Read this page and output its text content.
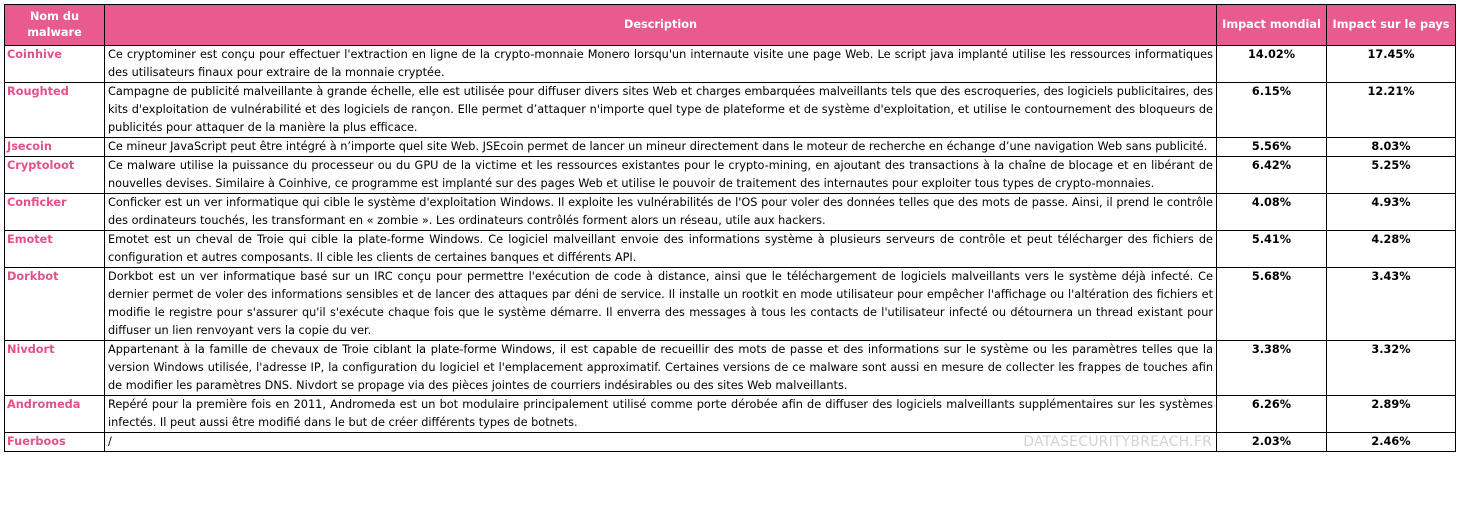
Nom du malware	Description	Impact mondial	Impact sur le pays
Coinhive	Ce cryptominer est conçu pour effectuer l'extraction en ligne de la crypto-monnaie Monero lorsqu'un internaute visite une page Web. Le script java implanté utilise les ressources informatiques des utilisateurs finaux pour extraire de la monnaie cryptée.	14.02%	17.45%
Roughted	Campagne de publicité malveillante à grande échelle, elle est utilisée pour diffuser divers sites Web et charges embarquées malveillants tels que des escroqueries, des logiciels publicitaires, des kits d'exploitation de vulnérabilité et des logiciels de rançon. Elle permet d’attaquer n'importe quel type de plateforme et de système d'exploitation, et utilise le contournement des bloqueurs de publicités pour attaquer de la manière la plus efficace.	6.15%	12.21%
Jsecoin	Ce mineur JavaScript peut être intégré à n’importe quel site Web. JSEcoin permet de lancer un mineur directement dans le moteur de recherche en échange d’une navigation Web sans publicité.	5.56%	8.03%
Cryptoloot	Ce malware utilise la puissance du processeur ou du GPU de la victime et les ressources existantes pour le crypto-mining, en ajoutant des transactions à la chaîne de blocage et en libérant de nouvelles devises. Similaire à Coinhive, ce programme est implanté sur des pages Web et utilise le pouvoir de traitement des internautes pour exploiter tous types de crypto-monnaies.	6.42%	5.25%
Conficker	Conficker est un ver informatique qui cible le système d'exploitation Windows. Il exploite les vulnérabilités de l'OS pour voler des données telles que des mots de passe. Ainsi, il prend le contrôle des ordinateurs touchés, les transformant en « zombie ». Les ordinateurs contrôlés forment alors un réseau, utile aux hackers.	4.08%	4.93%
Emotet	Emotet est un cheval de Troie qui cible la plate-forme Windows. Ce logiciel malveillant envoie des informations système à plusieurs serveurs de contrôle et peut télécharger des fichiers de configuration et autres composants. Il cible les clients de certaines banques et différents API.	5.41%	4.28%
Dorkbot	Dorkbot est un ver informatique basé sur un IRC conçu pour permettre l'exécution de code à distance, ainsi que le téléchargement de logiciels malveillants vers le système déjà infecté. Ce dernier permet de voler des informations sensibles et de lancer des attaques par déni de service. Il installe un rootkit en mode utilisateur pour empêcher l'affichage ou l'altération des fichiers et modifie le registre pour s'assurer qu'il s'exécute chaque fois que le système démarre. Il enverra des messages à tous les contacts de l'utilisateur infecté ou détournera un thread existant pour diffuser un lien renvoyant vers la copie du ver.	5.68%	3.43%
Nivdort	Appartenant à la famille de chevaux de Troie ciblant la plate-forme Windows, il est capable de recueillir des mots de passe et des informations sur le système ou les paramètres telles que la version Windows utilisée, l'adresse IP, la configuration du logiciel et l'emplacement approximatif. Certaines versions de ce malware sont aussi en mesure de collecter les frappes de touches afin de modifier les paramètres DNS. Nivdort se propage via des pièces jointes de courriers indésirables ou des sites Web malveillants.	3.38%	3.32%
Andromeda	Repéré pour la première fois en 2011, Andromeda est un bot modulaire principalement utilisé comme porte dérobée afin de diffuser des logiciels malveillants supplémentaires sur les systèmes infectés. Il peut aussi être modifié dans le but de créer différents types de botnets.	6.26%	2.89%
Fuerboos	/ DATASECURITYBREACH.FR	2.03%	2.46%
